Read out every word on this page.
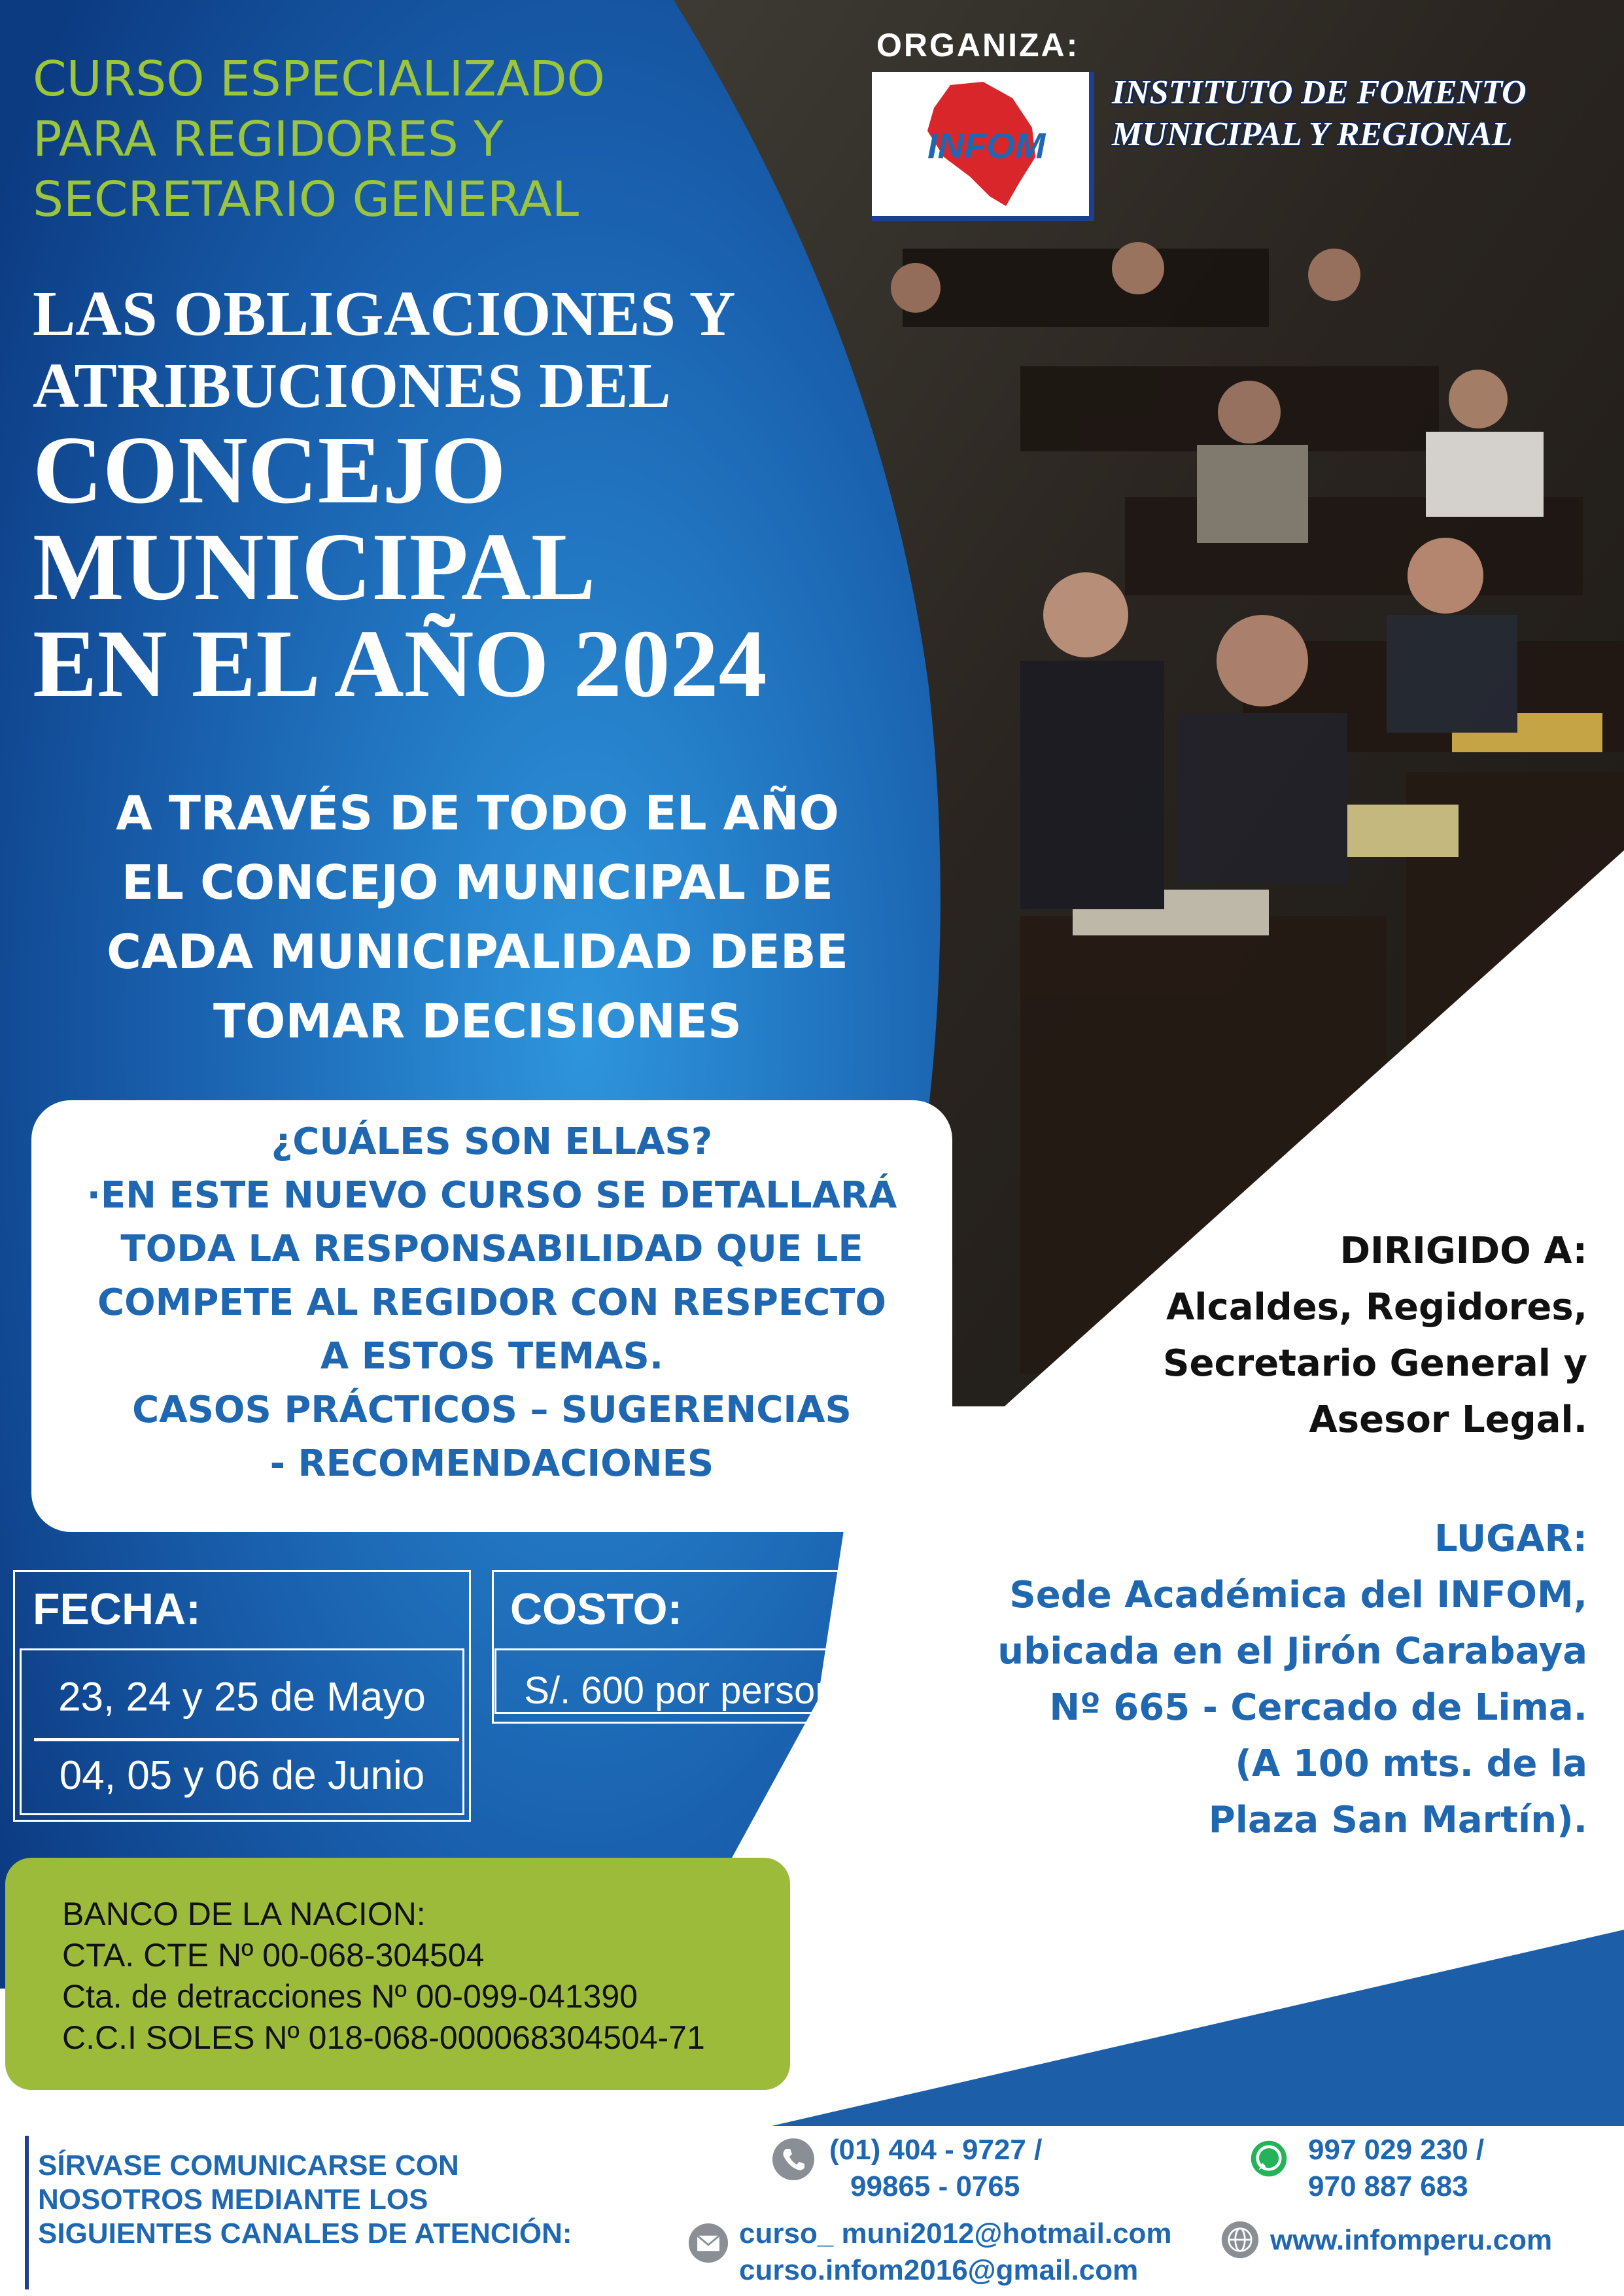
ORGANIZA:
INFOM
INSTITUTO DE FOMENTO
MUNICIPAL Y REGIONAL
CURSO ESPECIALIZADO
PARA REGIDORES Y
SECRETARIO GENERAL
LAS OBLIGACIONES Y
ATRIBUCIONES DEL
CONCEJO
MUNICIPAL
EN EL AÑO 2024
A TRAVÉS DE TODO EL AÑO
EL CONCEJO MUNICIPAL DE
CADA MUNICIPALIDAD DEBE
TOMAR DECISIONES
¿CUÁLES SON ELLAS?
·EN ESTE NUEVO CURSO SE DETALLARÁ
TODA LA RESPONSABILIDAD QUE LE
COMPETE AL REGIDOR CON RESPECTO
A ESTOS TEMAS.
CASOS PRÁCTICOS – SUGERENCIAS
- RECOMENDACIONES
FECHA:
23, 24 y 25 de Mayo
04, 05 y 06 de Junio
COSTO:
S/. 600 por persona
BANCO DE LA NACION:
CTA. CTE Nº 00-068-304504
Cta. de detracciones Nº 00-099-041390
C.C.I SOLES Nº 018-068-000068304504-71
DIRIGIDO A:
Alcaldes, Regidores,
Secretario General y
Asesor Legal.
LUGAR:
Sede Académica del INFOM,
ubicada en el Jirón Carabaya
Nº 665 - Cercado de Lima.
(A 100 mts. de la
Plaza San Martín).
SÍRVASE COMUNICARSE CON
NOSOTROS MEDIANTE LOS
SIGUIENTES CANALES DE ATENCIÓN:
(01) 404 - 9727 /
99865 - 0765
997 029 230 /
970 887 683
curso_ muni2012@hotmail.com
curso.infom2016@gmail.com
www.infomperu.com
